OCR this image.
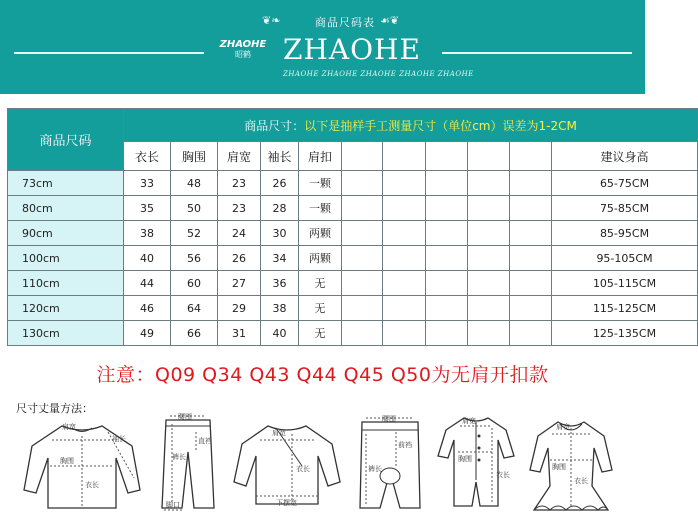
❦❧	商品尺码表 ☙❦
ZHAOHE
昭鹤	ZHAOHE
ZHAOHE ZHAOHE ZHAOHE ZHAOHE ZHAOHE
商品尺码	商品尺寸：以下是抽样手工测量尺寸（单位cm）误差为1-2CM										
	衣长	胸围	肩宽	袖长	肩扣						建议身高
73cm	33	48	23	26	一颗						65-75CM
80cm	35	50	23	28	一颗						75-85CM
90cm	38	52	24	30	两颗						85-95CM
100cm	40	56	26	34	两颗						95-105CM
110cm	44	60	27	36	无						105-115CM
120cm	46	64	29	38	无						115-125CM
130cm	49	66	31	40	无						125-135CM
注意：Q09 Q34 Q43 Q44 Q45 Q50为无肩开扣款
尺寸丈量方法：
肩宽
袖长
胸围
衣长
腰围
裤长
直裆
脚口
肩宽
衣长
下摆宽
腰围
前裆
裤长
肩宽
胸围
衣长
肩宽
胸围
衣长
